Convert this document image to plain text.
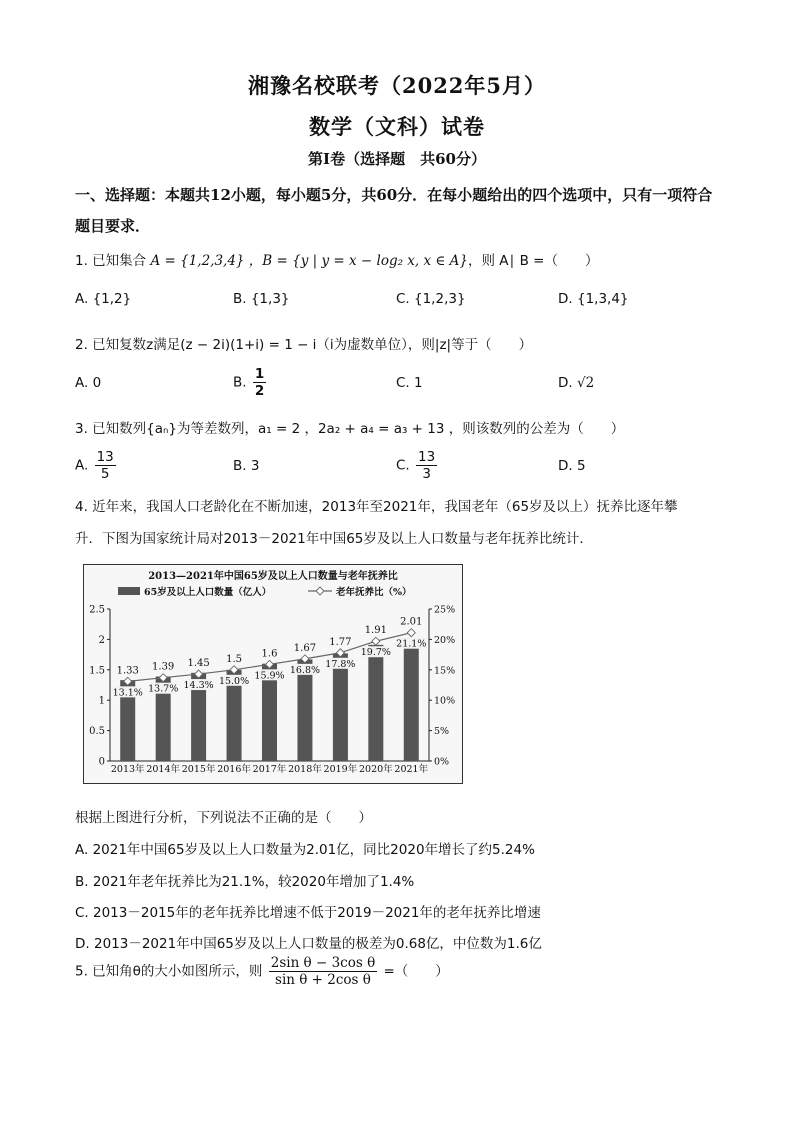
湘豫名校联考（2022年5月）
数学（文科）试卷
第Ⅰ卷（选择题　共60分）
一、选择题：本题共12小题，每小题5分，共60分．在每小题给出的四个选项中，只有一项符合题目要求．
1. 已知集合 A = {1,2,3,4} ，B = {y | y = x − log₂ x, x ∈ A}，则 A∣ B =（　　）
A. {1,2}	B. {1,3}	C. {1,2,3}	D. {1,3,4}
2. 已知复数z满足(z − 2i)(1+i) = 1 − i（i为虚数单位），则|z|等于（　　）
A. 0	B. $\frac{1}{2}$	C. 1	D. √2
3. 已知数列{aₙ}为等差数列，a₁ = 2 ，2a₂ + a₄ = a₃ + 13 ，则该数列的公差为（　　）
A. $\frac{13}{5}$	B. 3	C. $\frac{13}{3}$	D. 5
4. 近年来，我国人口老龄化在不断加速，2013年至2021年，我国老年（65岁及以上）抚养比逐年攀
升．下图为国家统计局对2013－2021年中国65岁及以上人口数量与老年抚养比统计．
2013—2021年中国65岁及以上人口数量与老年抚养比
65岁及以上人口数量（亿人）	老年抚养比（%）
0
0.5
1
1.5
2
2.5
0%
5%
10%
15%
20%
25%
2013年 2014年 2015年 2016年 2017年 2018年 2019年 2020年 2021年
13.1%
1.33
13.7%
1.39
14.3%
1.45
15.0%
1.5
15.9%
1.6
16.8%
1.67
17.8%
1.77
19.7%
1.91
21.1%
2.01
根据上图进行分析，下列说法不正确的是（　　）
A. 2021年中国65岁及以上人口数量为2.01亿，同比2020年增长了约5.24%
B. 2021年老年抚养比为21.1%，较2020年增加了1.4%
C. 2013－2015年的老年抚养比增速不低于2019－2021年的老年抚养比增速
D. 2013－2021年中国65岁及以上人口数量的极差为0.68亿，中位数为1.6亿
5. 已知角θ的大小如图所示，则 $\frac{\text{2sin θ − 3cos θ}}{\text{sin θ + 2cos θ}}$ =（　　）
